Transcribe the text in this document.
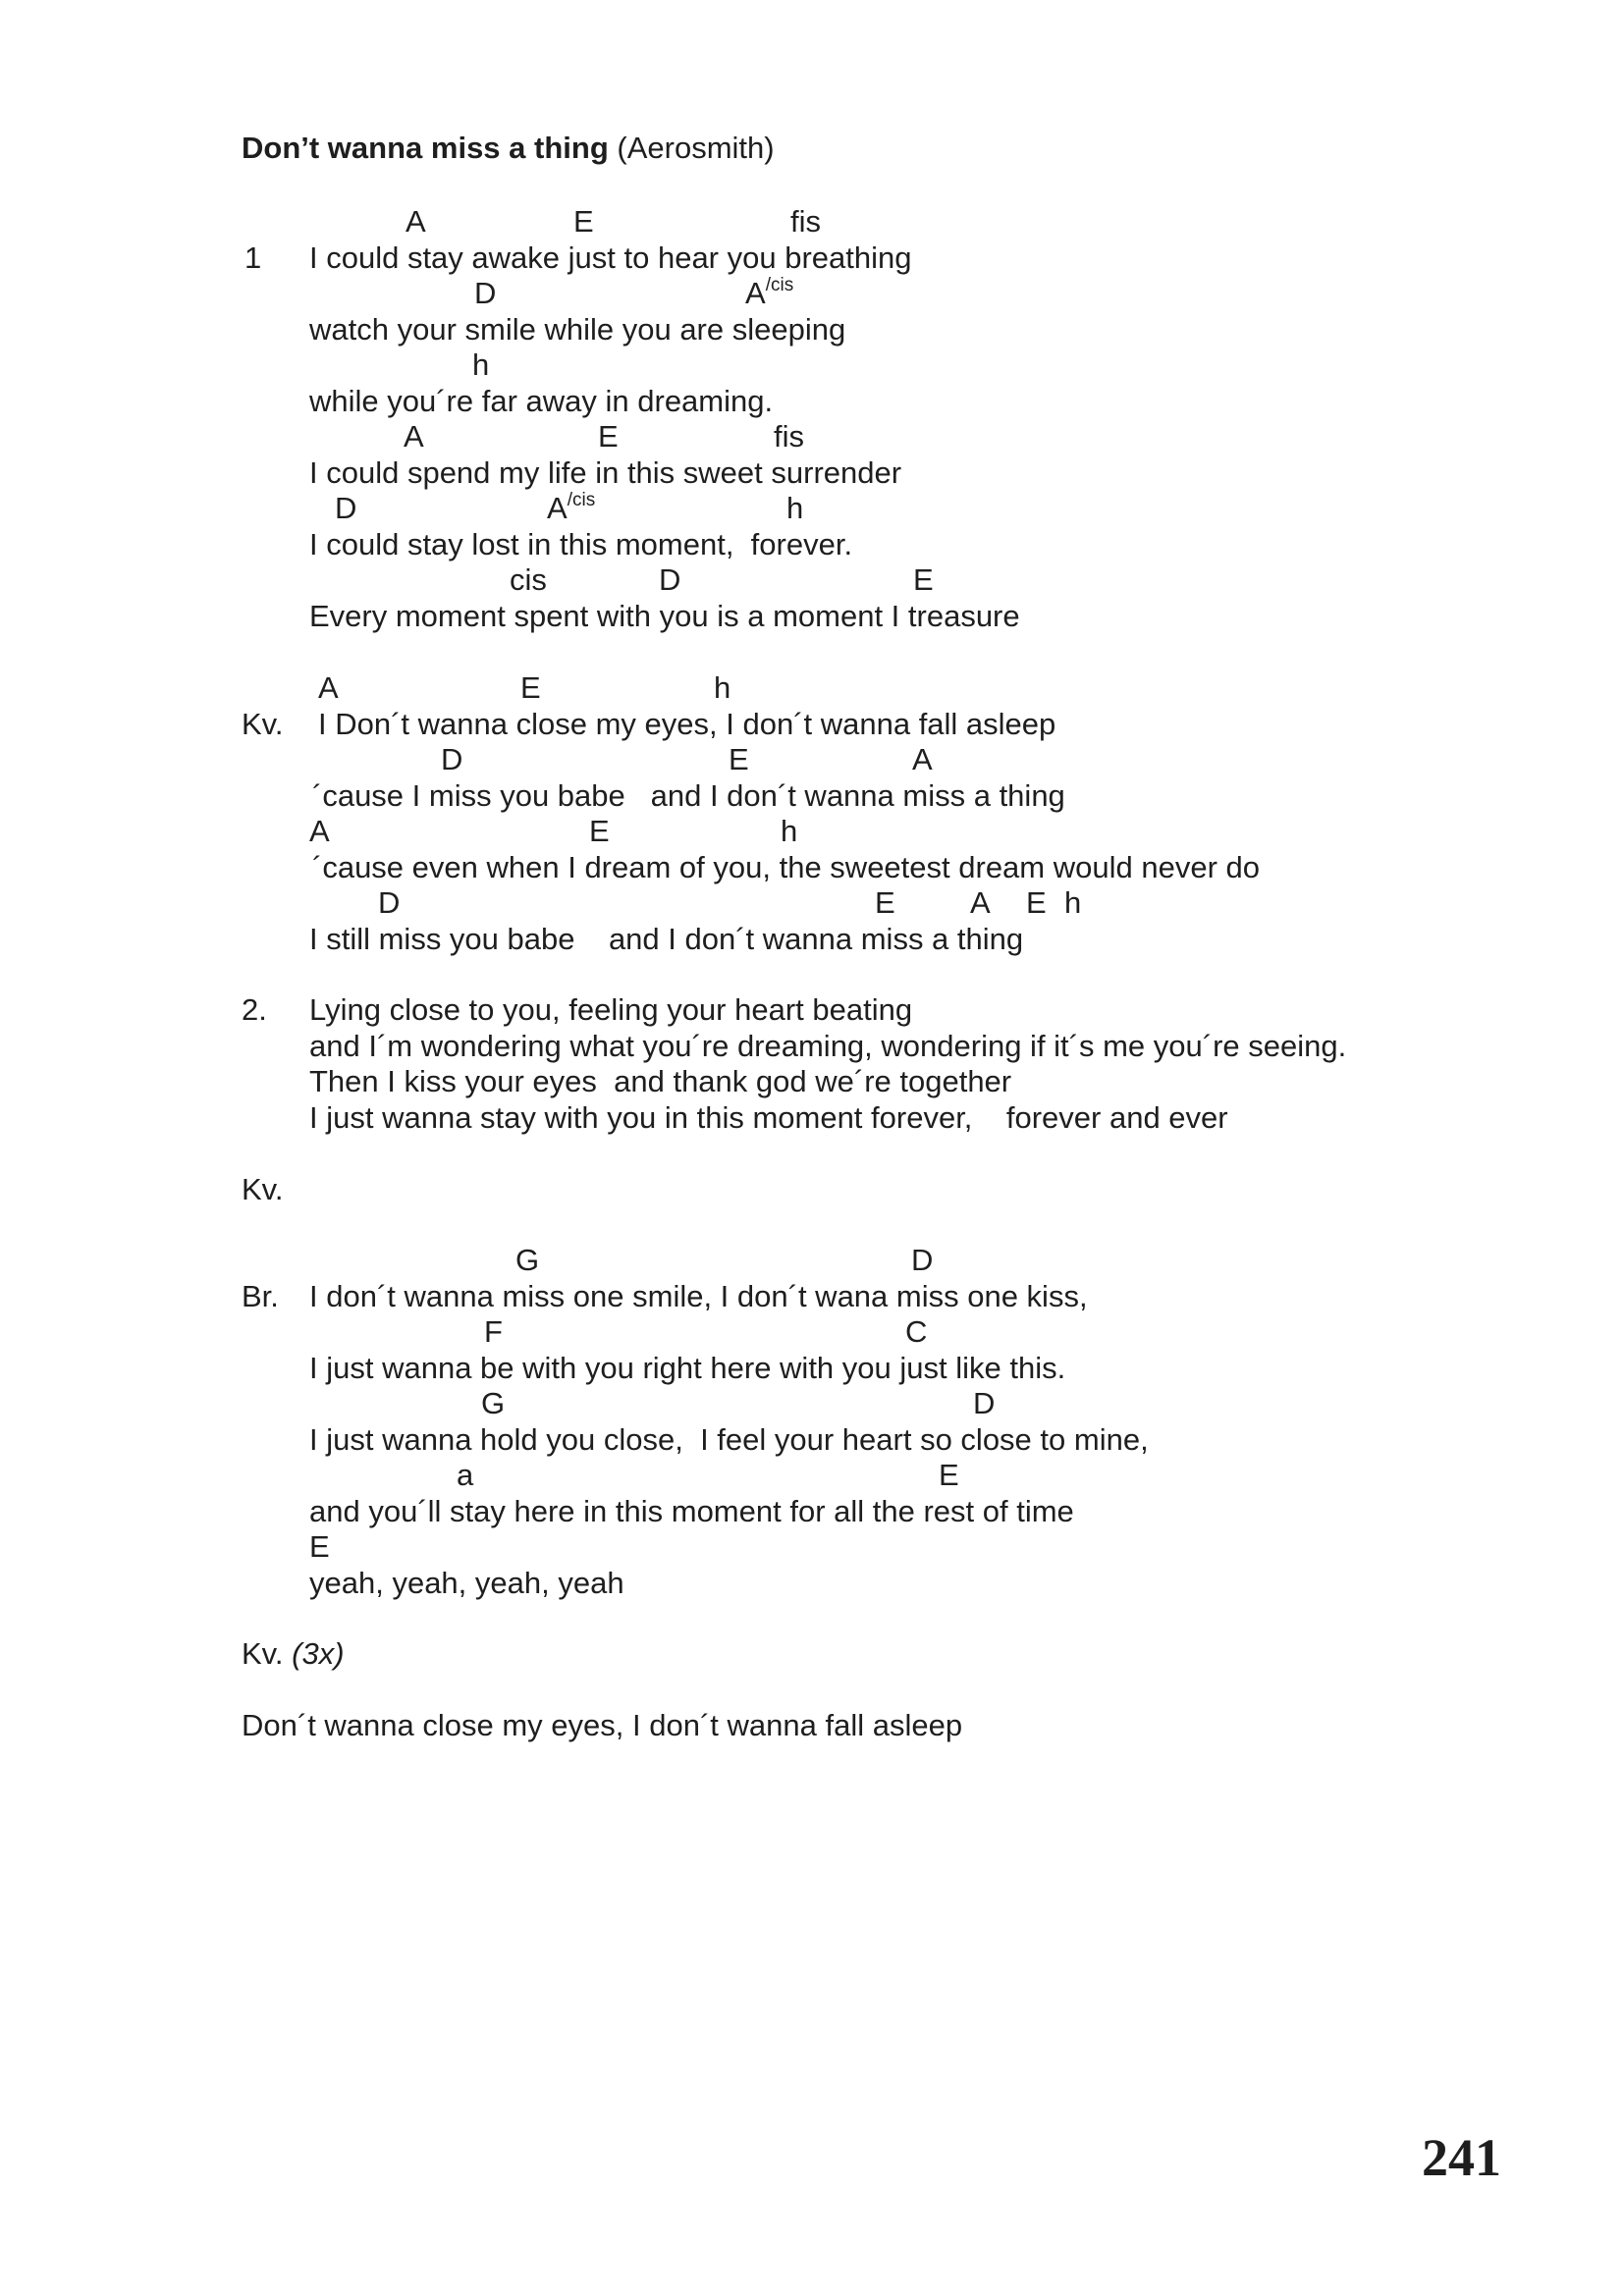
Don’t wanna miss a thing (Aerosmith)
A	E	fis
1 I could stay awake just to hear you breathing
D	$A^{/cis}$
watch your smile while you are sleeping
h
while you´re far away in dreaming.
A	E	fis
I could spend my life in this sweet surrender
D	$A^{/cis}$	h
I could stay lost in this moment,  forever.
cis	D	E
Every moment spent with you is a moment I treasure
A	E	h
Kv. I Don´t wanna close my eyes, I don´t wanna fall asleep
D	E	A
´cause I miss you babe   and I don´t wanna miss a thing
A	E	h
´cause even when I dream of you, the sweetest dream would never do
D	E A E h
I still miss you babe    and I don´t wanna miss a thing
2. Lying close to you, feeling your heart beating
and I´m wondering what you´re dreaming, wondering if it´s me you´re seeing.
Then I kiss your eyes  and thank god we´re together
I just wanna stay with you in this moment forever,    forever and ever
Kv.
G	D
Br. I don´t wanna miss one smile, I don´t wana miss one kiss,
F	C
I just wanna be with you right here with you just like this.
G	D
I just wanna hold you close,  I feel your heart so close to mine,
a	E
and you´ll stay here in this moment for all the rest of time
E
yeah, yeah, yeah, yeah
Kv. (3x)
Don´t wanna close my eyes, I don´t wanna fall asleep
241
